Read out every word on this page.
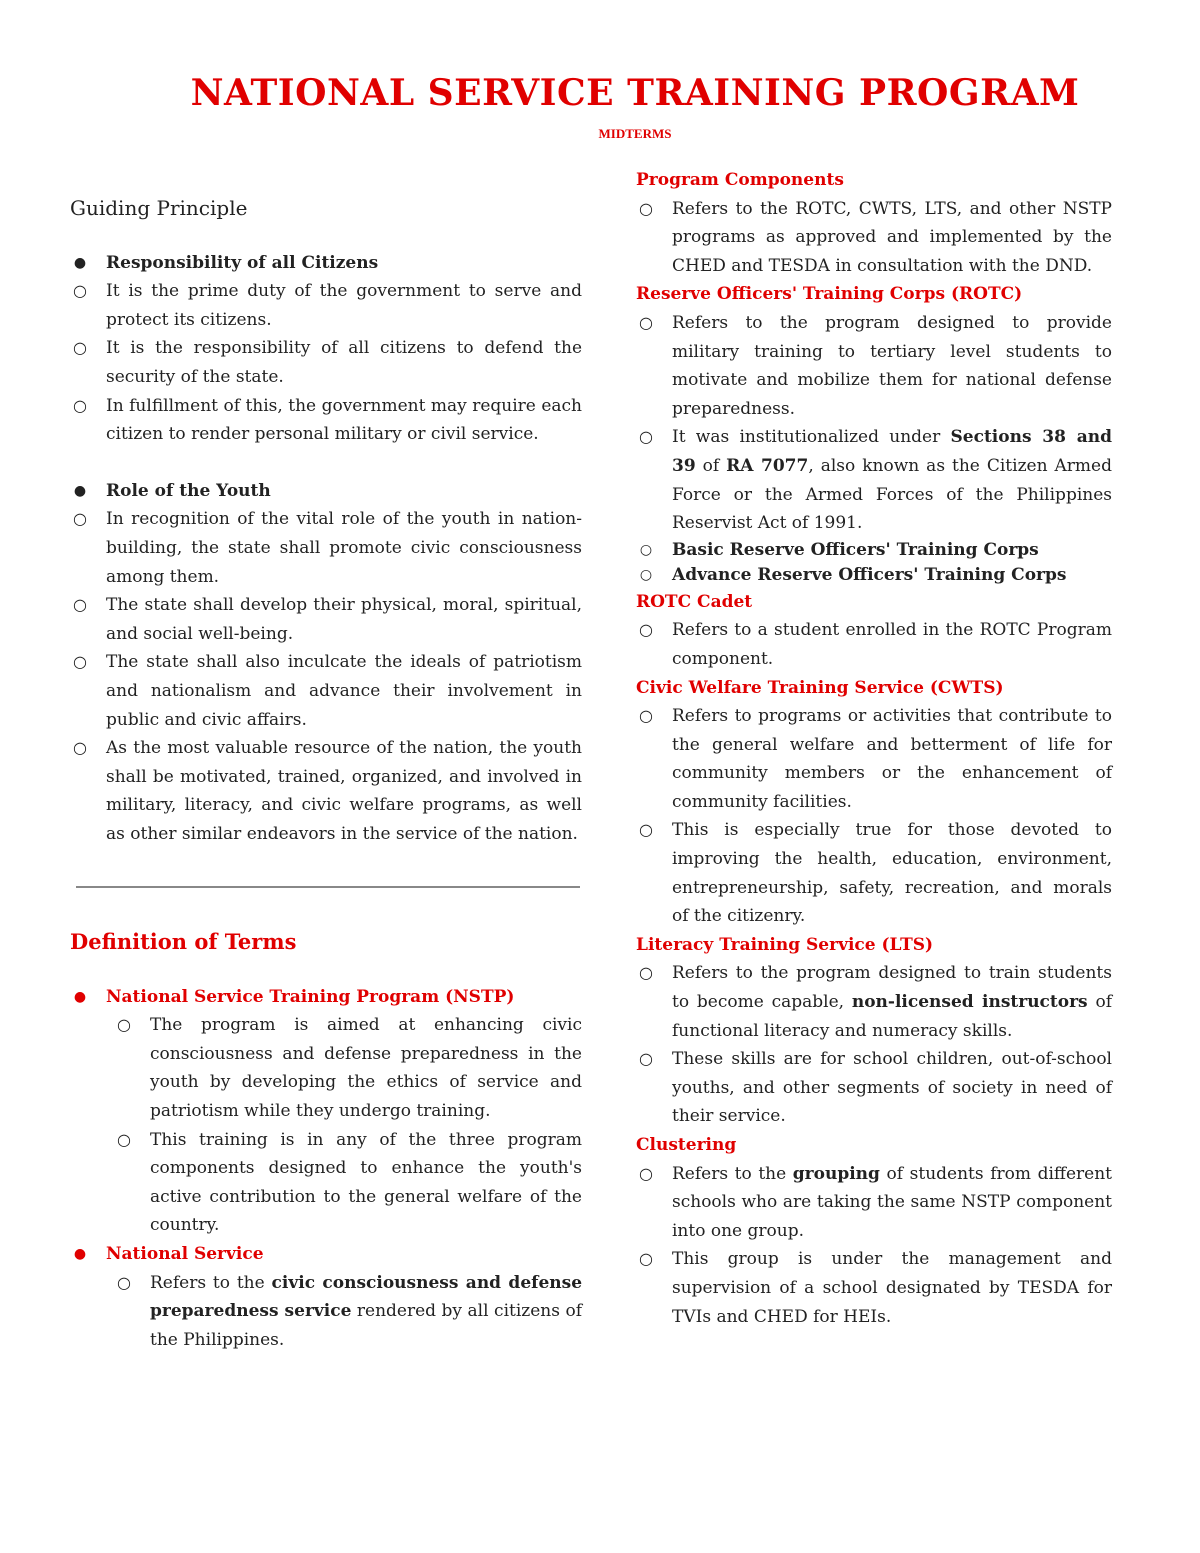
NATIONAL SERVICE TRAINING PROGRAM
MIDTERMS
Guiding Principle
● Responsibility of all Citizens
○ It is the prime duty of the government to serve and protect its citizens.
○ It is the responsibility of all citizens to defend the security of the state.
○ In fulfillment of this, the government may require each citizen to render personal military or civil service.
● Role of the Youth
○ In recognition of the vital role of the youth in nation-building, the state shall promote civic consciousness among them.
○ The state shall develop their physical, moral, spiritual, and social well-being.
○ The state shall also inculcate the ideals of patriotism and nationalism and advance their involvement in public and civic affairs.
○ As the most valuable resource of the nation, the youth shall be motivated, trained, organized, and involved in military, literacy, and civic welfare programs, as well as other similar endeavors in the service of the nation.
Definition of Terms
● National Service Training Program (NSTP)
○ The program is aimed at enhancing civic consciousness and defense preparedness in the youth by developing the ethics of service and patriotism while they undergo training.
○ This training is in any of the three program components designed to enhance the youth's active contribution to the general welfare of the country.
● National Service
○ Refers to the civic consciousness and defense preparedness service rendered by all citizens of the Philippines.
Program Components
○ Refers to the ROTC, CWTS, LTS, and other NSTP programs as approved and implemented by the CHED and TESDA in consultation with the DND.
Reserve Officers' Training Corps (ROTC)
○ Refers to the program designed to provide military training to tertiary level students to motivate and mobilize them for national defense preparedness.
○ It was institutionalized under Sections 38 and 39 of RA 7077, also known as the Citizen Armed Force or the Armed Forces of the Philippines Reservist Act of 1991.
○ Basic Reserve Officers' Training Corps
○ Advance Reserve Officers' Training Corps
ROTC Cadet
○ Refers to a student enrolled in the ROTC Program component.
Civic Welfare Training Service (CWTS)
○ Refers to programs or activities that contribute to the general welfare and betterment of life for community members or the enhancement of community facilities.
○ This is especially true for those devoted to improving the health, education, environment, entrepreneurship, safety, recreation, and morals of the citizenry.
Literacy Training Service (LTS)
○ Refers to the program designed to train students to become capable, non-licensed instructors of functional literacy and numeracy skills.
○ These skills are for school children, out-of-school youths, and other segments of society in need of their service.
Clustering
○ Refers to the grouping of students from different schools who are taking the same NSTP component into one group.
○ This group is under the management and supervision of a school designated by TESDA for TVIs and CHED for HEIs.
